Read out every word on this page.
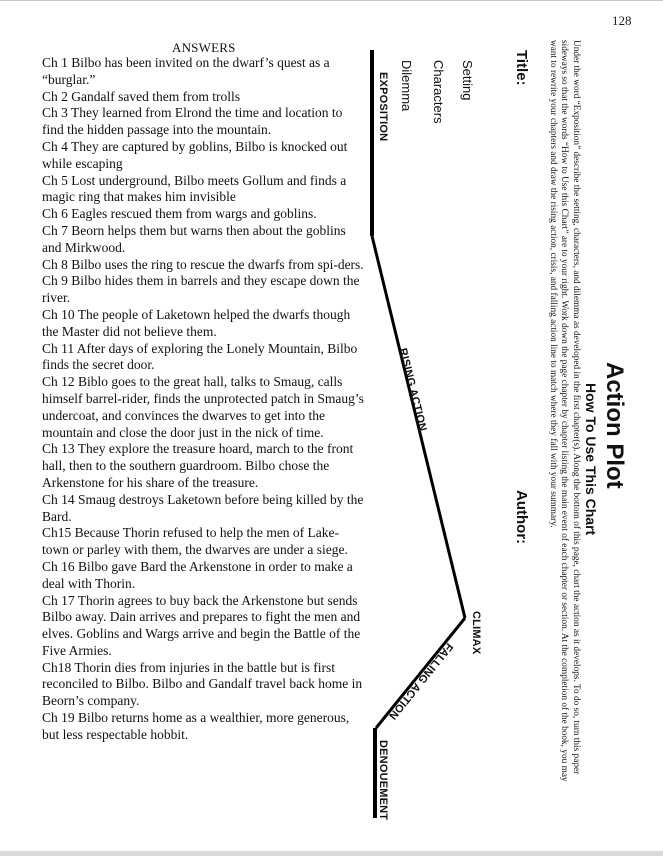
128
ANSWERS
Ch 1 Bilbo has been invited on the dwarf’s quest as a “burglar.”
Ch 2 Gandalf saved them from trolls
Ch 3 They learned from Elrond the time and location to find the hidden passage into the mountain.
Ch 4 They are captured by goblins, Bilbo is knocked out while escaping
Ch 5 Lost underground, Bilbo meets Gollum and finds a magic ring that makes him invisible
Ch 6 Eagles rescued them from wargs and goblins.
Ch 7 Beorn helps them but warns then about the goblins and Mirkwood.
Ch 8 Bilbo uses the ring to rescue the dwarfs from spi-ders.
Ch 9 Bilbo hides them in barrels and they escape down the river.
Ch 10 The people of Laketown helped the dwarfs though the Master did not believe them.
Ch 11 After days of exploring the Lonely Mountain, Bilbo finds the secret door.
Ch 12 Biblo goes to the great hall, talks to Smaug, calls himself barrel-rider, finds the unprotected patch in Smaug’s undercoat, and convinces the dwarves to get into the mountain and close the door just in the nick of time.
Ch 13 They explore the treasure hoard, march to the front hall, then to the southern guardroom. Bilbo chose the Arkenstone for his share of the treasure.
Ch 14 Smaug destroys Laketown before being killed by the Bard.
Ch15 Because Thorin refused to help the men of Lake-town or parley with them, the dwarves are under a siege.
Ch 16 Bilbo gave Bard the Arkenstone in order to make a deal with Thorin.
Ch 17 Thorin agrees to buy back the Arkenstone but sends Bilbo away. Dain arrives and prepares to fight the men and elves. Goblins and Wargs arrive and begin the Battle of the Five Armies.
Ch18 Thorin dies from injuries in the battle but is first reconciled to Bilbo. Bilbo and Gandalf travel back home in Beorn’s company.
Ch 19 Bilbo returns home as a wealthier, more generous, but less respectable hobbit.
Action Plot
How To Use This Chart
Under the word “Exposition” describe the setting, characters, and dilemma as developed in the first chapter(s). Along the bottom of this page, chart the action as it develops. To do so, turn this paper sideways so that the words “How to Use this Chart” are to your right. Work down the page chapter by chapter listing the main event of each chapter or section. At the completion of the book, you may want to rewrite your chapters and draw the rising action, crisis, and falling action line to match where they fall with your summary.
Title:
Author:
Setting
Characters
Dilemma
EXPOSITION
RISING ACTION
CLIMAX
FALLING ACTION
DENOUEMENT
